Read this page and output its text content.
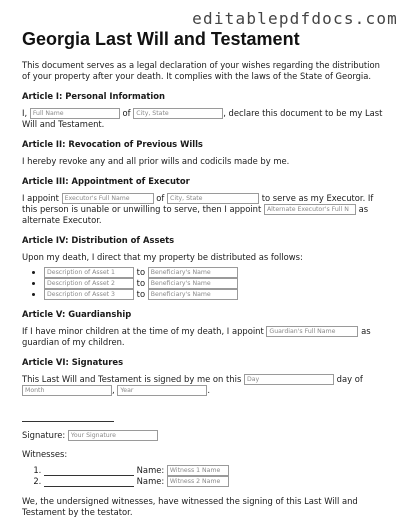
editablepdfdocs.com
Georgia Last Will and Testament

This document serves as a legal declaration of your wishes regarding the distribution of your property after your death. It complies with the laws of the State of Georgia.

Article I: Personal Information

I, Full Name	of City, State	, declare this document to be my Last Will and Testament.

Article II: Revocation of Previous Wills

I hereby revoke any and all prior wills and codicils made by me.

Article III: Appointment of Executor

I appoint Executor's Full Name	of City, State	to serve as my Executor. If this person is unable or unwilling to serve, then I appoint Alternate Executor's Full N as alternate Executor.

Article IV: Distribution of Assets

Upon my death, I direct that my property be distributed as follows:

• Description of Asset 1	to Beneficiary's Name
• Description of Asset 2	to Beneficiary's Name
• Description of Asset 3	to Beneficiary's Name
Article V: Guardianship

If I have minor children at the time of my death, I appoint Guardian's Full Name	as guardian of my children.

Article VI: Signatures

This Last Will and Testament is signed by me on this Day	day of Month	, Year	.

Signature: Your Signature

Witnesses:

1. Name: Witness 1 Name
2. Name: Witness 2 Name

We, the undersigned witnesses, have witnessed the signing of this Last Will and Testament by the testator.
